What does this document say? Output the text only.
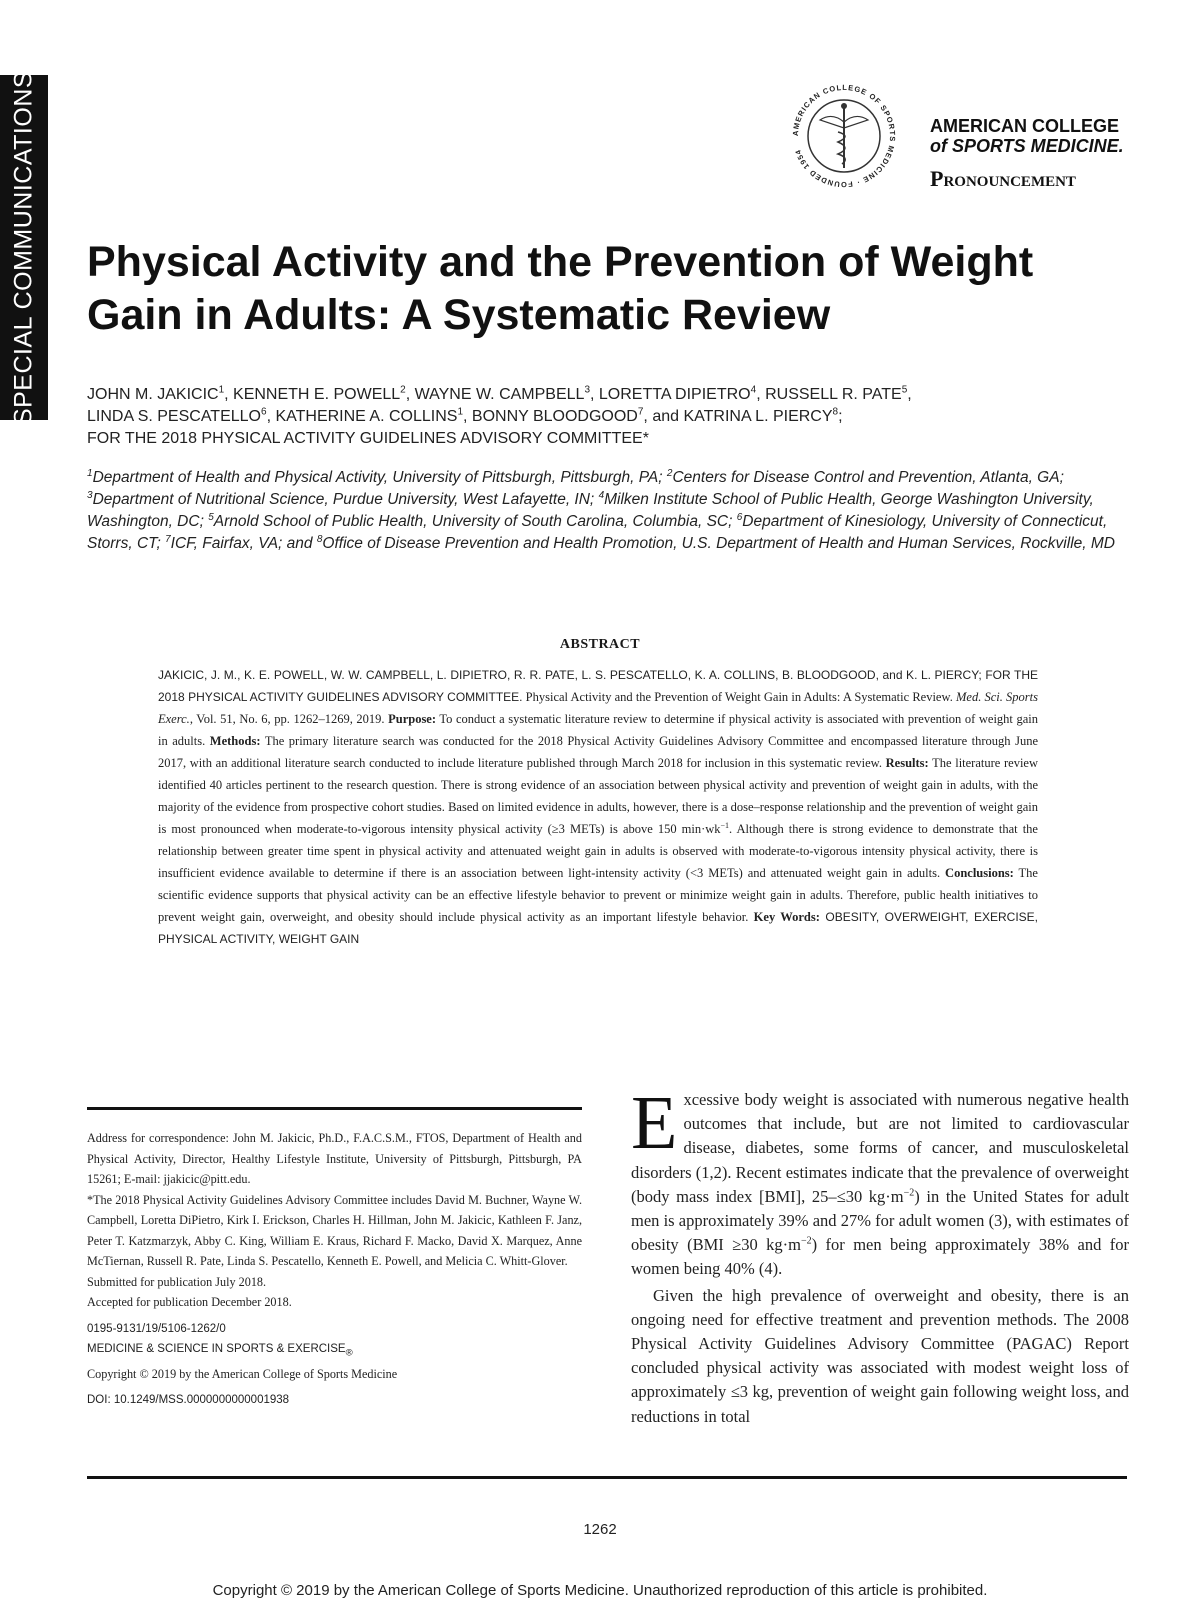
SPECIAL COMMUNICATIONS	AMERICAN COLLEGE OF SPORTS MEDICINE · FOUNDED 1954
AMERICAN COLLEGE
of SPORTS MEDICINE.
Pronouncement
Physical Activity and the Prevention of Weight
Gain in Adults: A Systematic Review
JOHN M. JAKICIC$^1$, KENNETH E. POWELL$^2$, WAYNE W. CAMPBELL$^3$, LORETTA DIPIETRO$^4$, RUSSELL R. PATE$^5$,
LINDA S. PESCATELLO$^6$, KATHERINE A. COLLINS$^1$, BONNY BLOODGOOD$^7$, and KATRINA L. PIERCY$^8$;
FOR THE 2018 PHYSICAL ACTIVITY GUIDELINES ADVISORY COMMITTEE*
$^1$Department of Health and Physical Activity, University of Pittsburgh, Pittsburgh, PA; $^2$Centers for Disease Control and Prevention, Atlanta, GA; $^3$Department of Nutritional Science, Purdue University, West Lafayette, IN; $^4$Milken Institute School of Public Health, George Washington University, Washington, DC; $^5$Arnold School of Public Health, University of South Carolina, Columbia, SC; $^6$Department of Kinesiology, University of Connecticut, Storrs, CT; $^7$ICF, Fairfax, VA; and $^8$Office of Disease Prevention and Health Promotion, U.S. Department of Health and Human Services, Rockville, MD
ABSTRACT
JAKICIC, J. M., K. E. POWELL, W. W. CAMPBELL, L. DIPIETRO, R. R. PATE, L. S. PESCATELLO, K. A. COLLINS, B. BLOODGOOD, and K. L. PIERCY; FOR THE 2018 PHYSICAL ACTIVITY GUIDELINES ADVISORY COMMITTEE. Physical Activity and the Prevention of Weight Gain in Adults: A Systematic Review. Med. Sci. Sports Exerc., Vol. 51, No. 6, pp. 1262–1269, 2019. Purpose: To conduct a systematic literature review to determine if physical activity is associated with prevention of weight gain in adults. Methods: The primary literature search was conducted for the 2018 Physical Activity Guidelines Advisory Committee and encompassed literature through June 2017, with an additional literature search conducted to include literature published through March 2018 for inclusion in this systematic review. Results: The literature review identified 40 articles pertinent to the research question. There is strong evidence of an association between physical activity and prevention of weight gain in adults, with the majority of the evidence from prospective cohort studies. Based on limited evidence in adults, however, there is a dose–response relationship and the prevention of weight gain is most pronounced when moderate-to-vigorous intensity physical activity (≥3 METs) is above 150 $\min\cdot wk^{-1}$. Although there is strong evidence to demonstrate that the relationship between greater time spent in physical activity and attenuated weight gain in adults is observed with moderate-to-vigorous intensity physical activity, there is insufficient evidence available to determine if there is an association between light-intensity activity (<3 METs) and attenuated weight gain in adults. Conclusions: The scientific evidence supports that physical activity can be an effective lifestyle behavior to prevent or minimize weight gain in adults. Therefore, public health initiatives to prevent weight gain, overweight, and obesity should include physical activity as an important lifestyle behavior. Key Words: OBESITY, OVERWEIGHT, EXERCISE, PHYSICAL ACTIVITY, WEIGHT GAIN

Address for correspondence: John M. Jakicic, Ph.D., F.A.C.S.M., FTOS, Department of Health and Physical Activity, Director, Healthy Lifestyle Institute, University of Pittsburgh, Pittsburgh, PA 15261; E-mail: jjakicic@pitt.edu.

*The 2018 Physical Activity Guidelines Advisory Committee includes David M. Buchner, Wayne W. Campbell, Loretta DiPietro, Kirk I. Erickson, Charles H. Hillman, John M. Jakicic, Kathleen F. Janz, Peter T. Katzmarzyk, Abby C. King, William E. Kraus, Richard F. Macko, David X. Marquez, Anne McTiernan, Russell R. Pate, Linda S. Pescatello, Kenneth E. Powell, and Melicia C. Whitt-Glover.

Submitted for publication July 2018.

Accepted for publication December 2018.

0195-9131/19/5106-1262/0

MEDICINE & SCIENCE IN SPORTS & $EXERCISE_®$

Copyright © 2019 by the American College of Sports Medicine

DOI: 10.1249/MSS.0000000000001938

Excessive body weight is associated with numerous negative health outcomes that include, but are not limited to cardiovascular disease, diabetes, some forms of cancer, and musculoskeletal disorders (1,2). Recent estimates indicate that the prevalence of overweight (body mass index [BMI], 25–≤30 $kg\cdot m^{-2}$) in the United States for adult men is approximately 39% and 27% for adult women (3), with estimates of obesity (BMI ≥30 $kg\cdot m^{-2}$) for men being approximately 38% and for women being 40% (4).

Given the high prevalence of overweight and obesity, there is an ongoing need for effective treatment and prevention methods. The 2008 Physical Activity Guidelines Advisory Committee (PAGAC) Report concluded physical activity was associated with modest weight loss of approximately ≤3 kg, prevention of weight gain following weight loss, and reductions in total

1262
Copyright © 2019 by the American College of Sports Medicine. Unauthorized reproduction of this article is prohibited.
